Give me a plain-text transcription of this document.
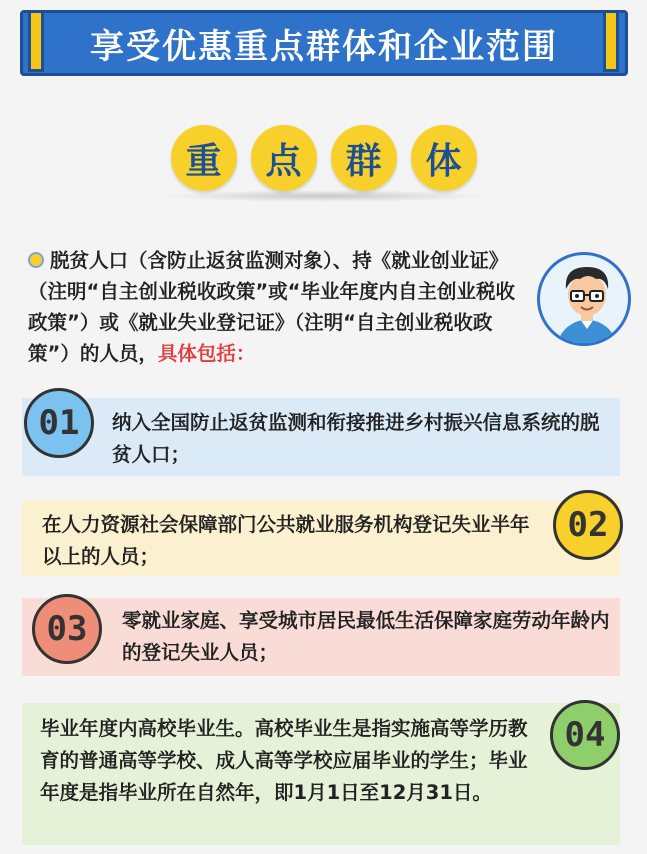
享受优惠重点群体和企业范围
重	点	群	体
脱贫人口（含防止返贫监测对象）、持《就业创业证》（注明“自主创业税收政策”或“毕业年度内自主创业税收政策”）或《就业失业登记证》（注明“自主创业税收政策”）的人员，具体包括：
01 纳入全国防止返贫监测和衔接推进乡村振兴信息系统的脱贫人口；
02
在人力资源社会保障部门公共就业服务机构登记失业半年以上的人员；
03 零就业家庭、享受城市居民最低生活保障家庭劳动年龄内的登记失业人员；
04
毕业年度内高校毕业生。高校毕业生是指实施高等学历教育的普通高等学校、成人高等学校应届毕业的学生；毕业年度是指毕业所在自然年，即1月1日至12月31日。
